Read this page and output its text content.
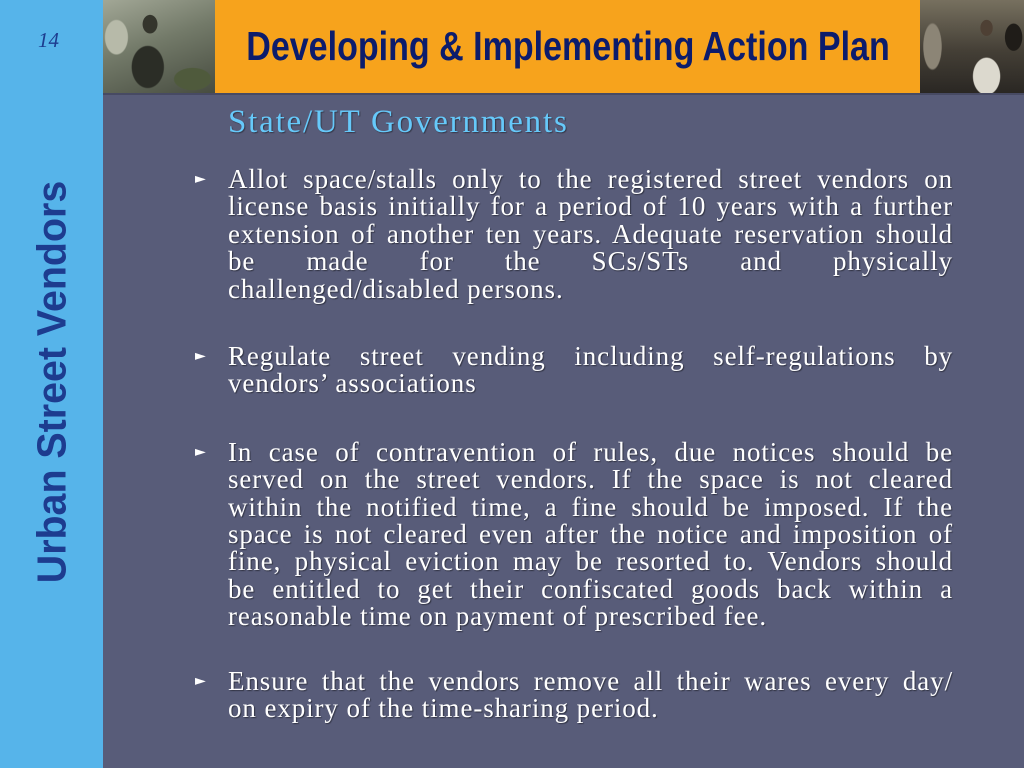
14
Urban Street Vendors
Developing & Implementing Action Plan
State/UT Governments
► Allot space/stalls only to the registered street vendors on
license basis initially for a period of 10 years with a further
extension of another ten years. Adequate reservation should
be made for the SCs/STs and physically
challenged/disabled persons.
► Regulate street vending including self-regulations by
vendors’ associations
► In case of contravention of rules, due notices should be
served on the street vendors. If the space is not cleared
within the notified time, a fine should be imposed. If the
space is not cleared even after the notice and imposition of
fine, physical eviction may be resorted to. Vendors should
be entitled to get their confiscated goods back within a
reasonable time on payment of prescribed fee.
► Ensure that the vendors remove all their wares every day/
on expiry of the time-sharing period.
